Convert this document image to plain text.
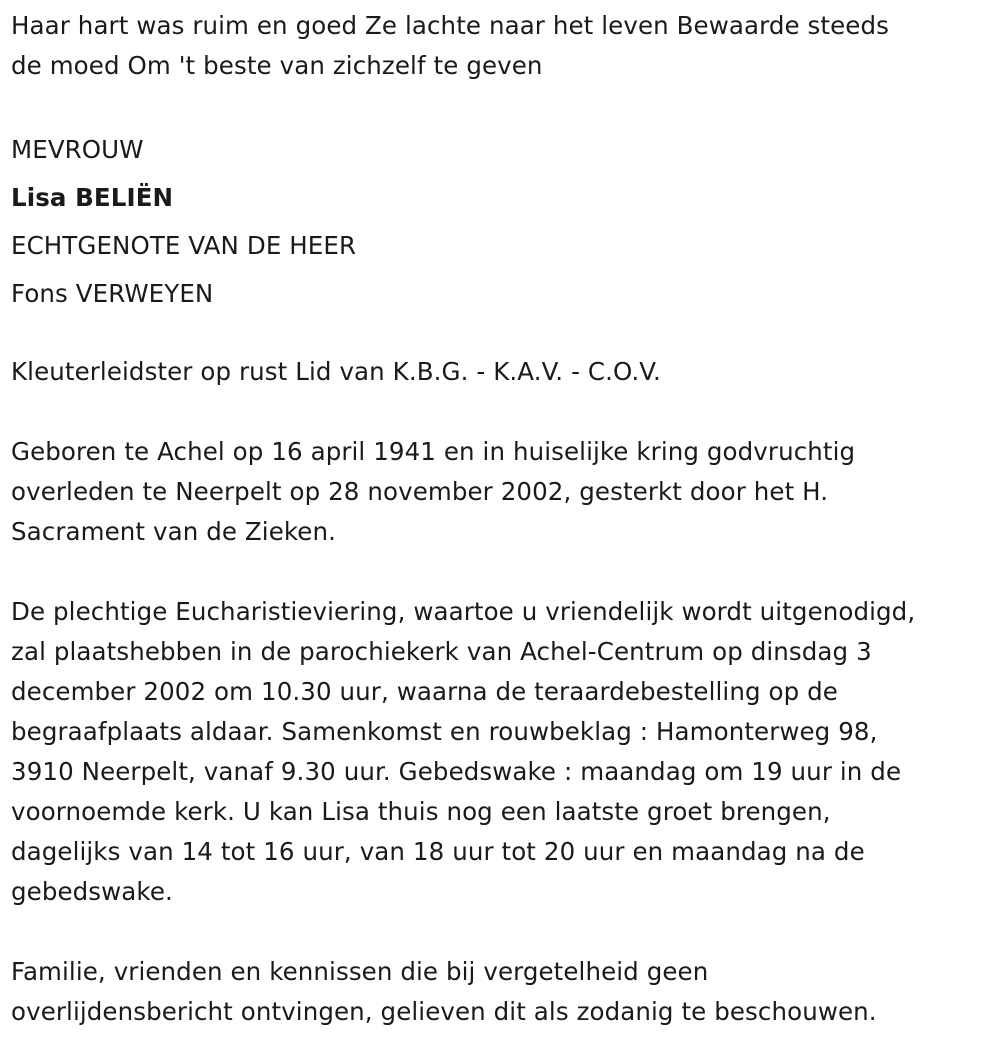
Haar hart was ruim en goed Ze lachte naar het leven Bewaarde steeds
de moed Om 't beste van zichzelf te geven
MEVROUW
Lisa BELIËN
ECHTGENOTE VAN DE HEER
Fons VERWEYEN
Kleuterleidster op rust Lid van K.B.G. - K.A.V. - C.O.V.
Geboren te Achel op 16 april 1941 en in huiselijke kring godvruchtig
overleden te Neerpelt op 28 november 2002, gesterkt door het H.
Sacrament van de Zieken.
De plechtige Eucharistieviering, waartoe u vriendelijk wordt uitgenodigd,
zal plaatshebben in de parochiekerk van Achel-Centrum op dinsdag 3
december 2002 om 10.30 uur, waarna de teraardebestelling op de
begraafplaats aldaar. Samenkomst en rouwbeklag : Hamonterweg 98,
3910 Neerpelt, vanaf 9.30 uur. Gebedswake : maandag om 19 uur in de
voornoemde kerk. U kan Lisa thuis nog een laatste groet brengen,
dagelijks van 14 tot 16 uur, van 18 uur tot 20 uur en maandag na de
gebedswake.
Familie, vrienden en kennissen die bij vergetelheid geen
overlijdensbericht ontvingen, gelieven dit als zodanig te beschouwen.
